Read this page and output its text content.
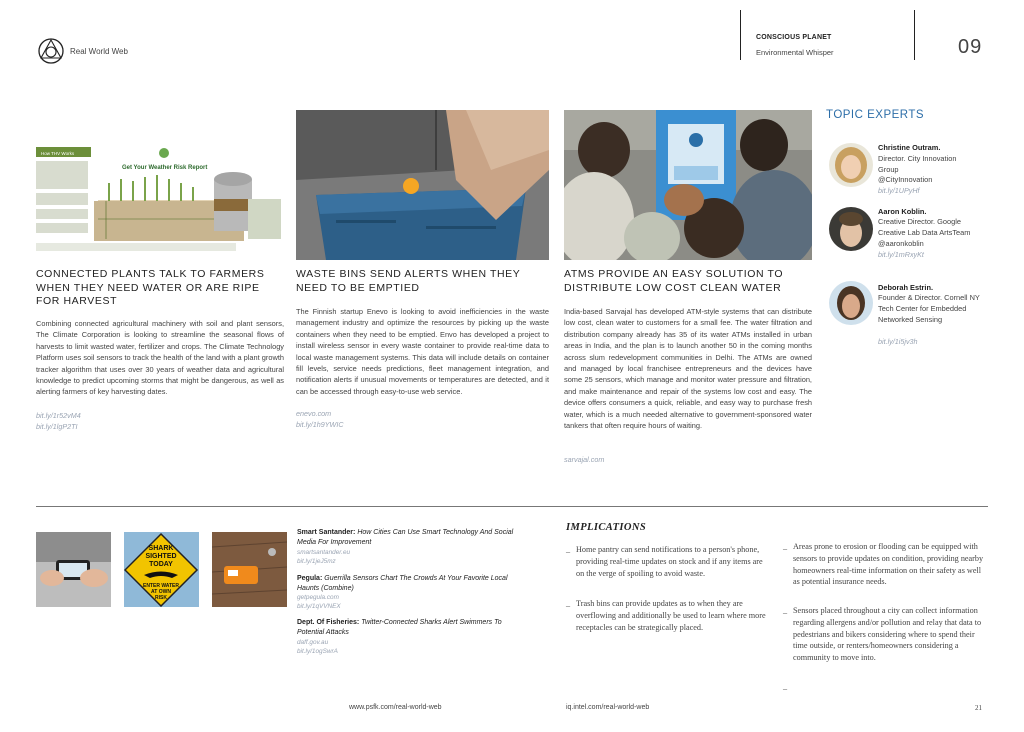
Real World Web
CONSCIOUS PLANET
Environmental Whisper	09
How THV Works
Get Your Weather Risk Report
CONNECTED PLANTS TALK TO FARMERS WHEN THEY NEED WATER OR ARE RIPE FOR HARVEST
Combining connected agricultural machinery with soil and plant sensors, The Climate Corporation is looking to streamline the seasonal flows of harvests to limit wasted water, fertilizer and crops. The Climate Technology Platform uses soil sensors to track the health of the land with a plant growth tracker algorithm that uses over 30 years of weather data and agricultural knowledge to predict upcoming storms that might be dangerous, as well as alerting farmers of key harvesting dates.
bit.ly/1r52vM4
bit.ly/1lgP2TI
WASTE BINS SEND ALERTS WHEN THEY NEED TO BE EMPTIED
The Finnish startup Enevo is looking to avoid inefficiencies in the waste management industry and optimize the resources by picking up the waste containers when they need to be emptied. Envo has developed a project to install wireless sensor in every waste container to provide real-time data to local waste management systems. This data will include details on container fill levels, service needs predictions, fleet management integration, and notification alerts if unusual movements or temperatures are detected, and it can be accessed through easy-to-use web service.
enevo.com
bit.ly/1h9YWIC
ATMS PROVIDE AN EASY SOLUTION TO DISTRIBUTE LOW COST CLEAN WATER
India-based Sarvajal has developed ATM-style systems that can distribute low cost, clean water to customers for a small fee. The water filtration and distribution company already has 35 of its water ATMs installed in urban areas in India, and the plan is to launch another 50 in the coming months across slum redevelopment communities in Delhi. The ATMs are owned and managed by local franchisee entrepreneurs and the devices have some 25 sensors, which manage and monitor water pressure and filtration, and make maintenance and repair of the systems low cost and easy. The device offers consumers a quick, reliable, and easy way to purchase fresh water, which is a much needed alternative to government-sponsored water tankers that often require hours of waiting.
sarvajal.com
TOPIC EXPERTS
Christine Outram.
Director. City Innovation Group
@CityInnovation
bit.ly/1UPyHf
Aaron Koblin.
Creative Director. Google Creative Lab Data ArtsTeam
@aaronkoblin
bit.ly/1mRxyKt
Deborah Estrin.
Founder & Director. Cornell NY Tech Center for Embedded Networked Sensing
bit.ly/1i5jv3h
SHARK
SIGHTED
TODAY
ENTER WATER
AT OWN
RISK
Smart Santander: How Cities Can Use Smart Technology And Social Media For Improvement
smartsantander.eu
bit.ly/1jeJ5mz
Pegula: Guerrilla Sensors Chart The Crowds At Your Favorite Local Haunts (Combine)
getpegula.com
bit.ly/1qVVNEX
Dept. Of Fisheries: Twitter-Connected Sharks Alert Swimmers To Potential Attacks
daff.gov.au
bit.ly/1ogSwrA
IMPLICATIONS
_ Home pantry can send notifications to a person's phone, providing real-time updates on stock and if any items are on the verge of spoiling to avoid waste.
_ Trash bins can provide updates as to when they are overflowing and additionally be used to learn where more receptacles can be strategically placed.
_ Areas prone to erosion or flooding can be equipped with sensors to provide updates on condition, providing nearby homeowners real-time information on their safety as well as potential insurance needs.
_ Sensors placed throughout a city can collect information regarding allergens and/or pollution and relay that data to pedestrians and bikers considering where to spend their time outside, or renters/homeowners considering a community to move into.
_
www.psfk.com/real-world-web	iq.intel.com/real-world-web	21
